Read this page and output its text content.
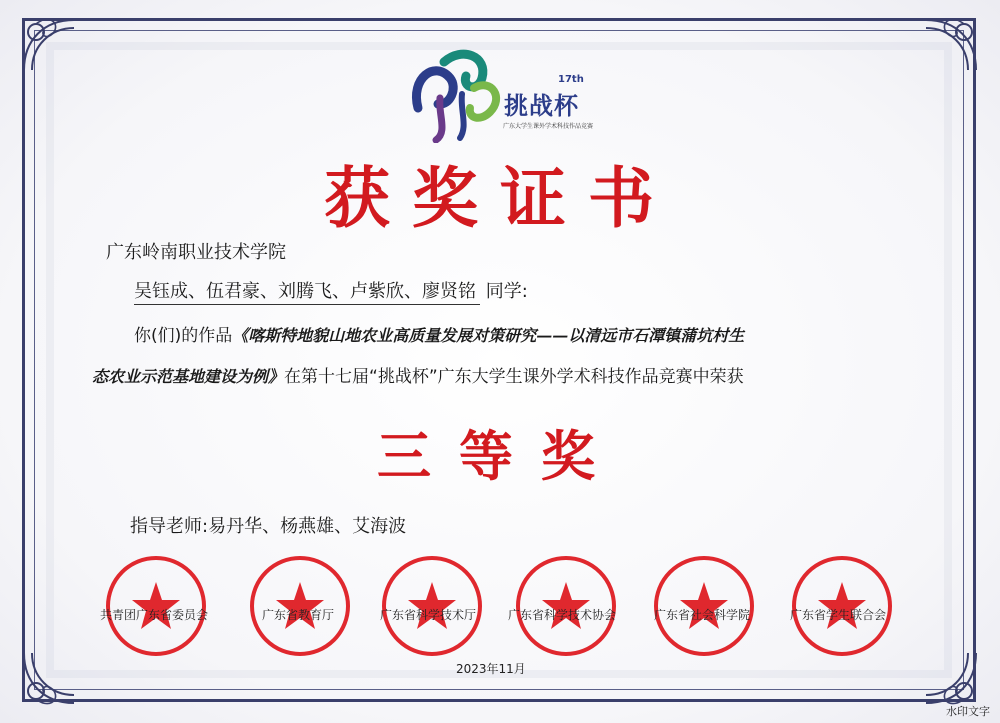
17th
挑战杯
广东大学生课外学术科技作品竞赛
获奖证书
广东岭南职业技术学院
吴钰成、伍君豪、刘腾飞、卢紫欣、廖贤铭 同学:
你(们)的作品《喀斯特地貌山地农业高质量发展对策研究——以清远市石潭镇蒲坑村生
态农业示范基地建设为例》在第十七届“挑战杯”广东大学生课外学术科技作品竞赛中荣获
三等奖
指导老师:易丹华、杨燕雄、艾海波
共青团广东省委员会	广东省教育厅	广东省科学技术厅	广东省科学技术协会	广东省社会科学院	广东省学生联合会
2023年11月
水印文字
